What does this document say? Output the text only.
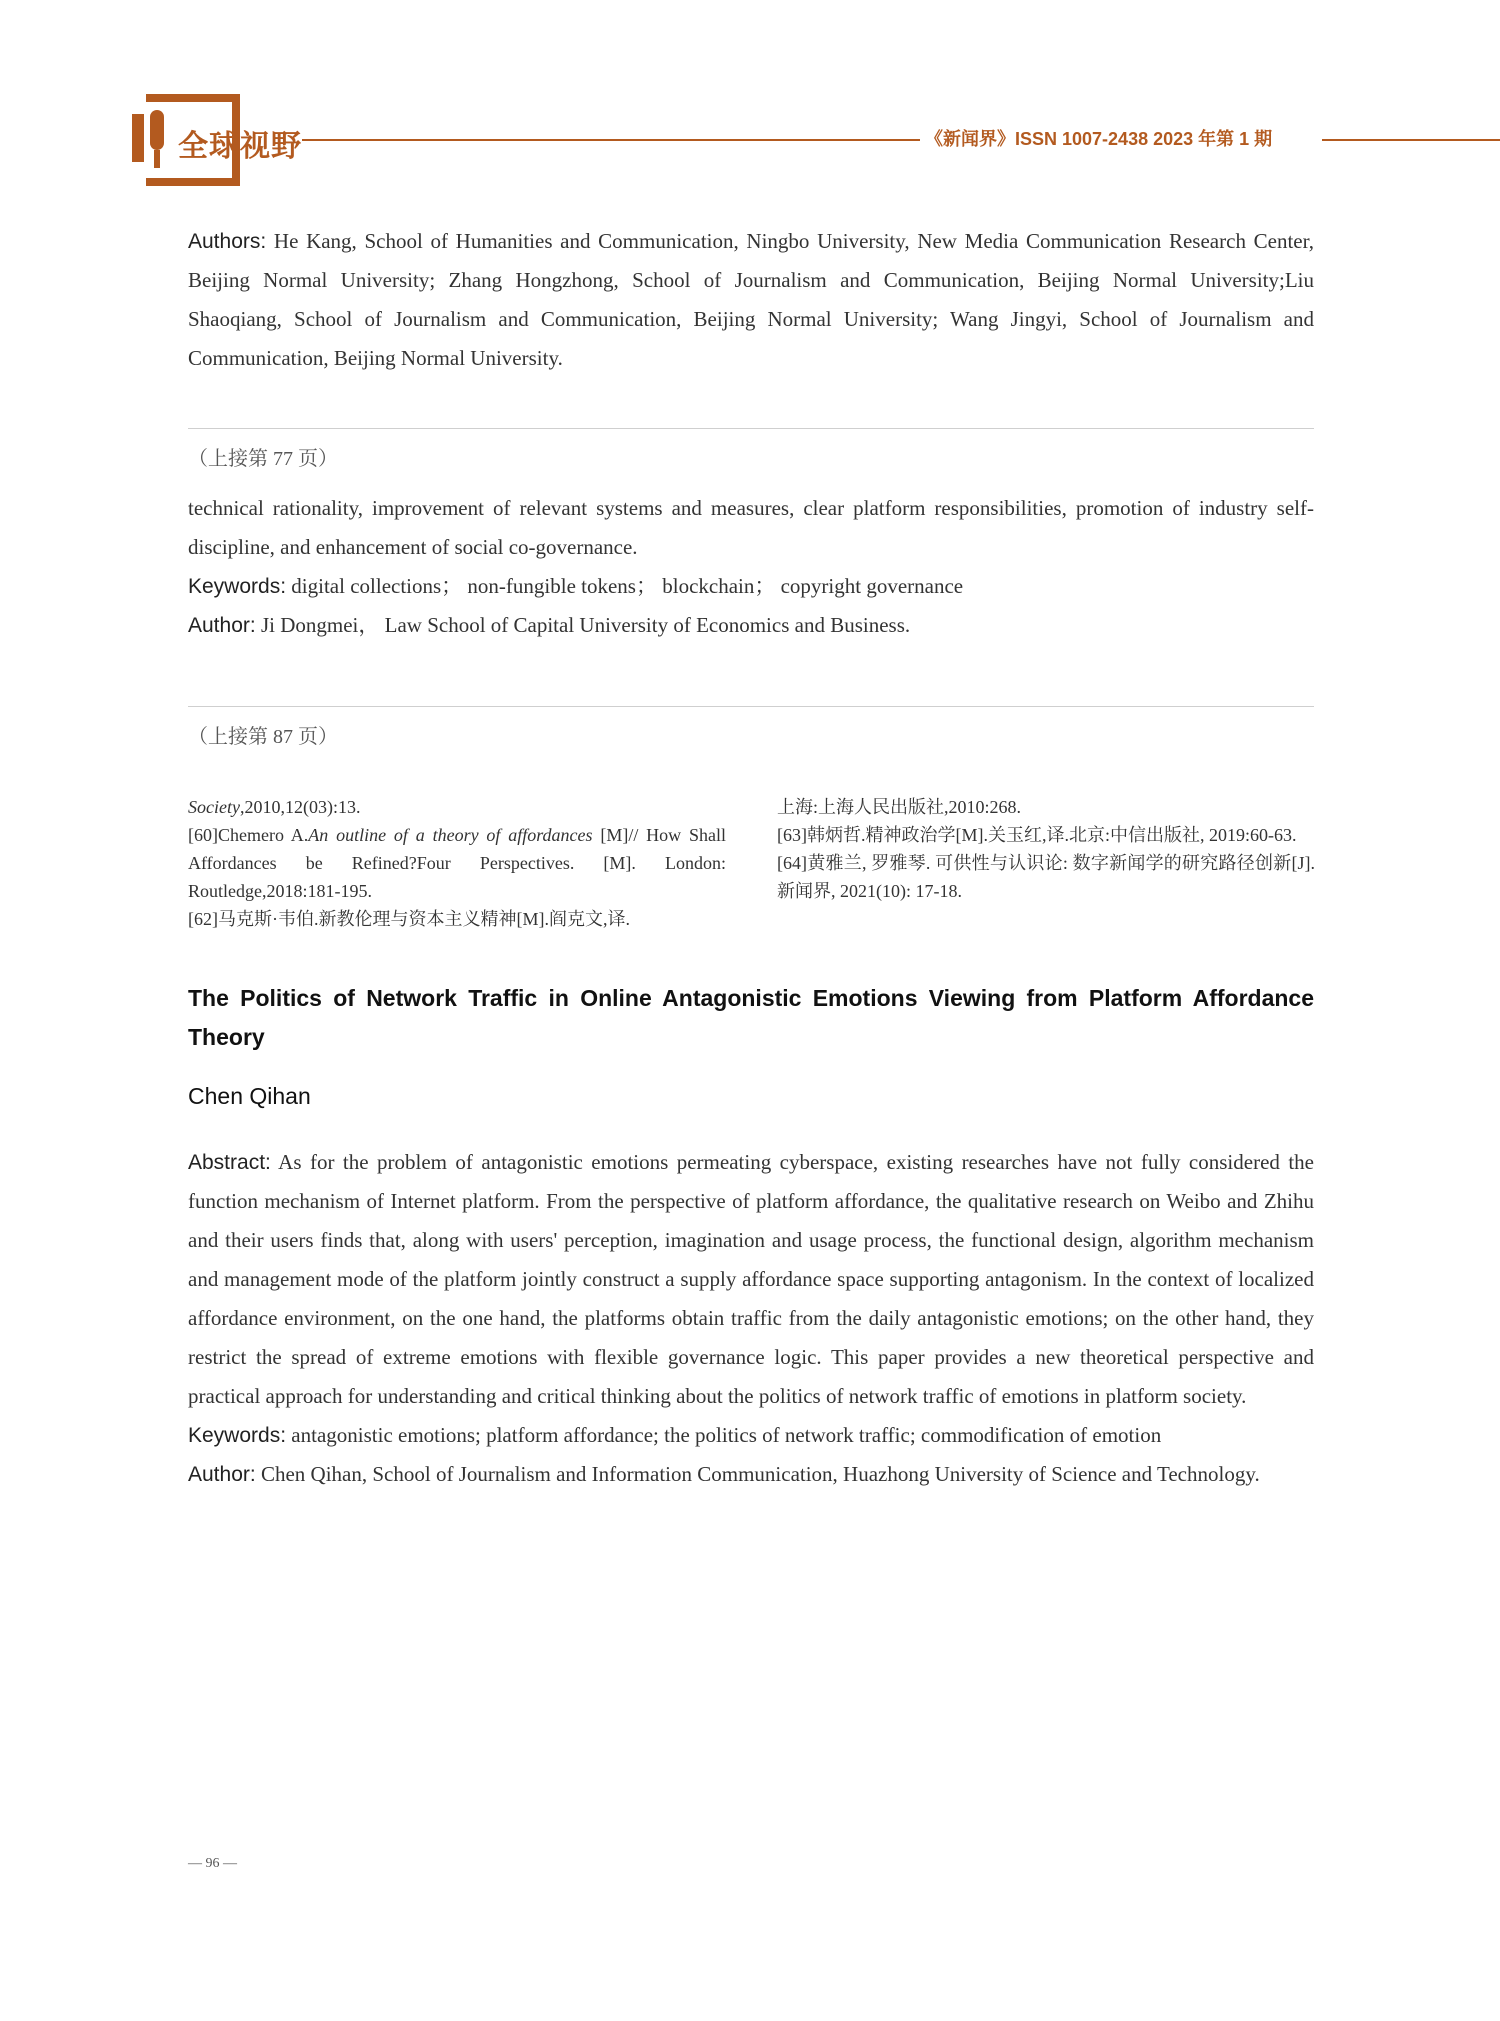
全球视野	《新闻界》ISSN 1007-2438 2023 年第 1 期
Authors: He Kang, School of Humanities and Communication, Ningbo University, New Media Communication Research Center, Beijing Normal University; Zhang Hongzhong, School of Journalism and Communication, Beijing Normal University;Liu Shaoqiang, School of Journalism and Communication, Beijing Normal University; Wang Jingyi, School of Journalism and Communication, Beijing Normal University.
（上接第 77 页）
technical rationality, improvement of relevant systems and measures, clear platform responsibilities, promotion of industry self-discipline, and enhancement of social co-governance.
Keywords: digital collections； non-fungible tokens； blockchain； copyright governance
Author: Ji Dongmei， Law School of Capital University of Economics and Business.
（上接第 87 页）
Society,2010,12(03):13.
[60]Chemero A.An outline of a theory of affordances [M]// How Shall Affordances be Refined?Four Perspectives. [M]. London: Routledge,2018:181-195.
[62]马克斯·韦伯.新教伦理与资本主义精神[M].阎克文,译.
上海:上海人民出版社,2010:268.
[63]韩炳哲.精神政治学[M].关玉红,译.北京:中信出版社, 2019:60-63.
[64]黄雅兰, 罗雅琴. 可供性与认识论: 数字新闻学的研究路径创新[J]. 新闻界, 2021(10): 17-18.
The Politics of Network Traffic in Online Antagonistic Emotions Viewing from Platform Affordance Theory
Chen Qihan
Abstract: As for the problem of antagonistic emotions permeating cyberspace, existing researches have not fully considered the function mechanism of Internet platform. From the perspective of platform affordance, the qualitative research on Weibo and Zhihu and their users finds that, along with users' perception, imagination and usage process, the functional design, algorithm mechanism and management mode of the platform jointly construct a supply affordance space supporting antagonism. In the context of localized affordance environment, on the one hand, the platforms obtain traffic from the daily antagonistic emotions; on the other hand, they restrict the spread of extreme emotions with flexible governance logic. This paper provides a new theoretical perspective and practical approach for understanding and critical thinking about the politics of network traffic of emotions in platform society.
Keywords: antagonistic emotions; platform affordance; the politics of network traffic; commodification of emotion
Author: Chen Qihan, School of Journalism and Information Communication, Huazhong University of Science and Technology.
— 96 —
